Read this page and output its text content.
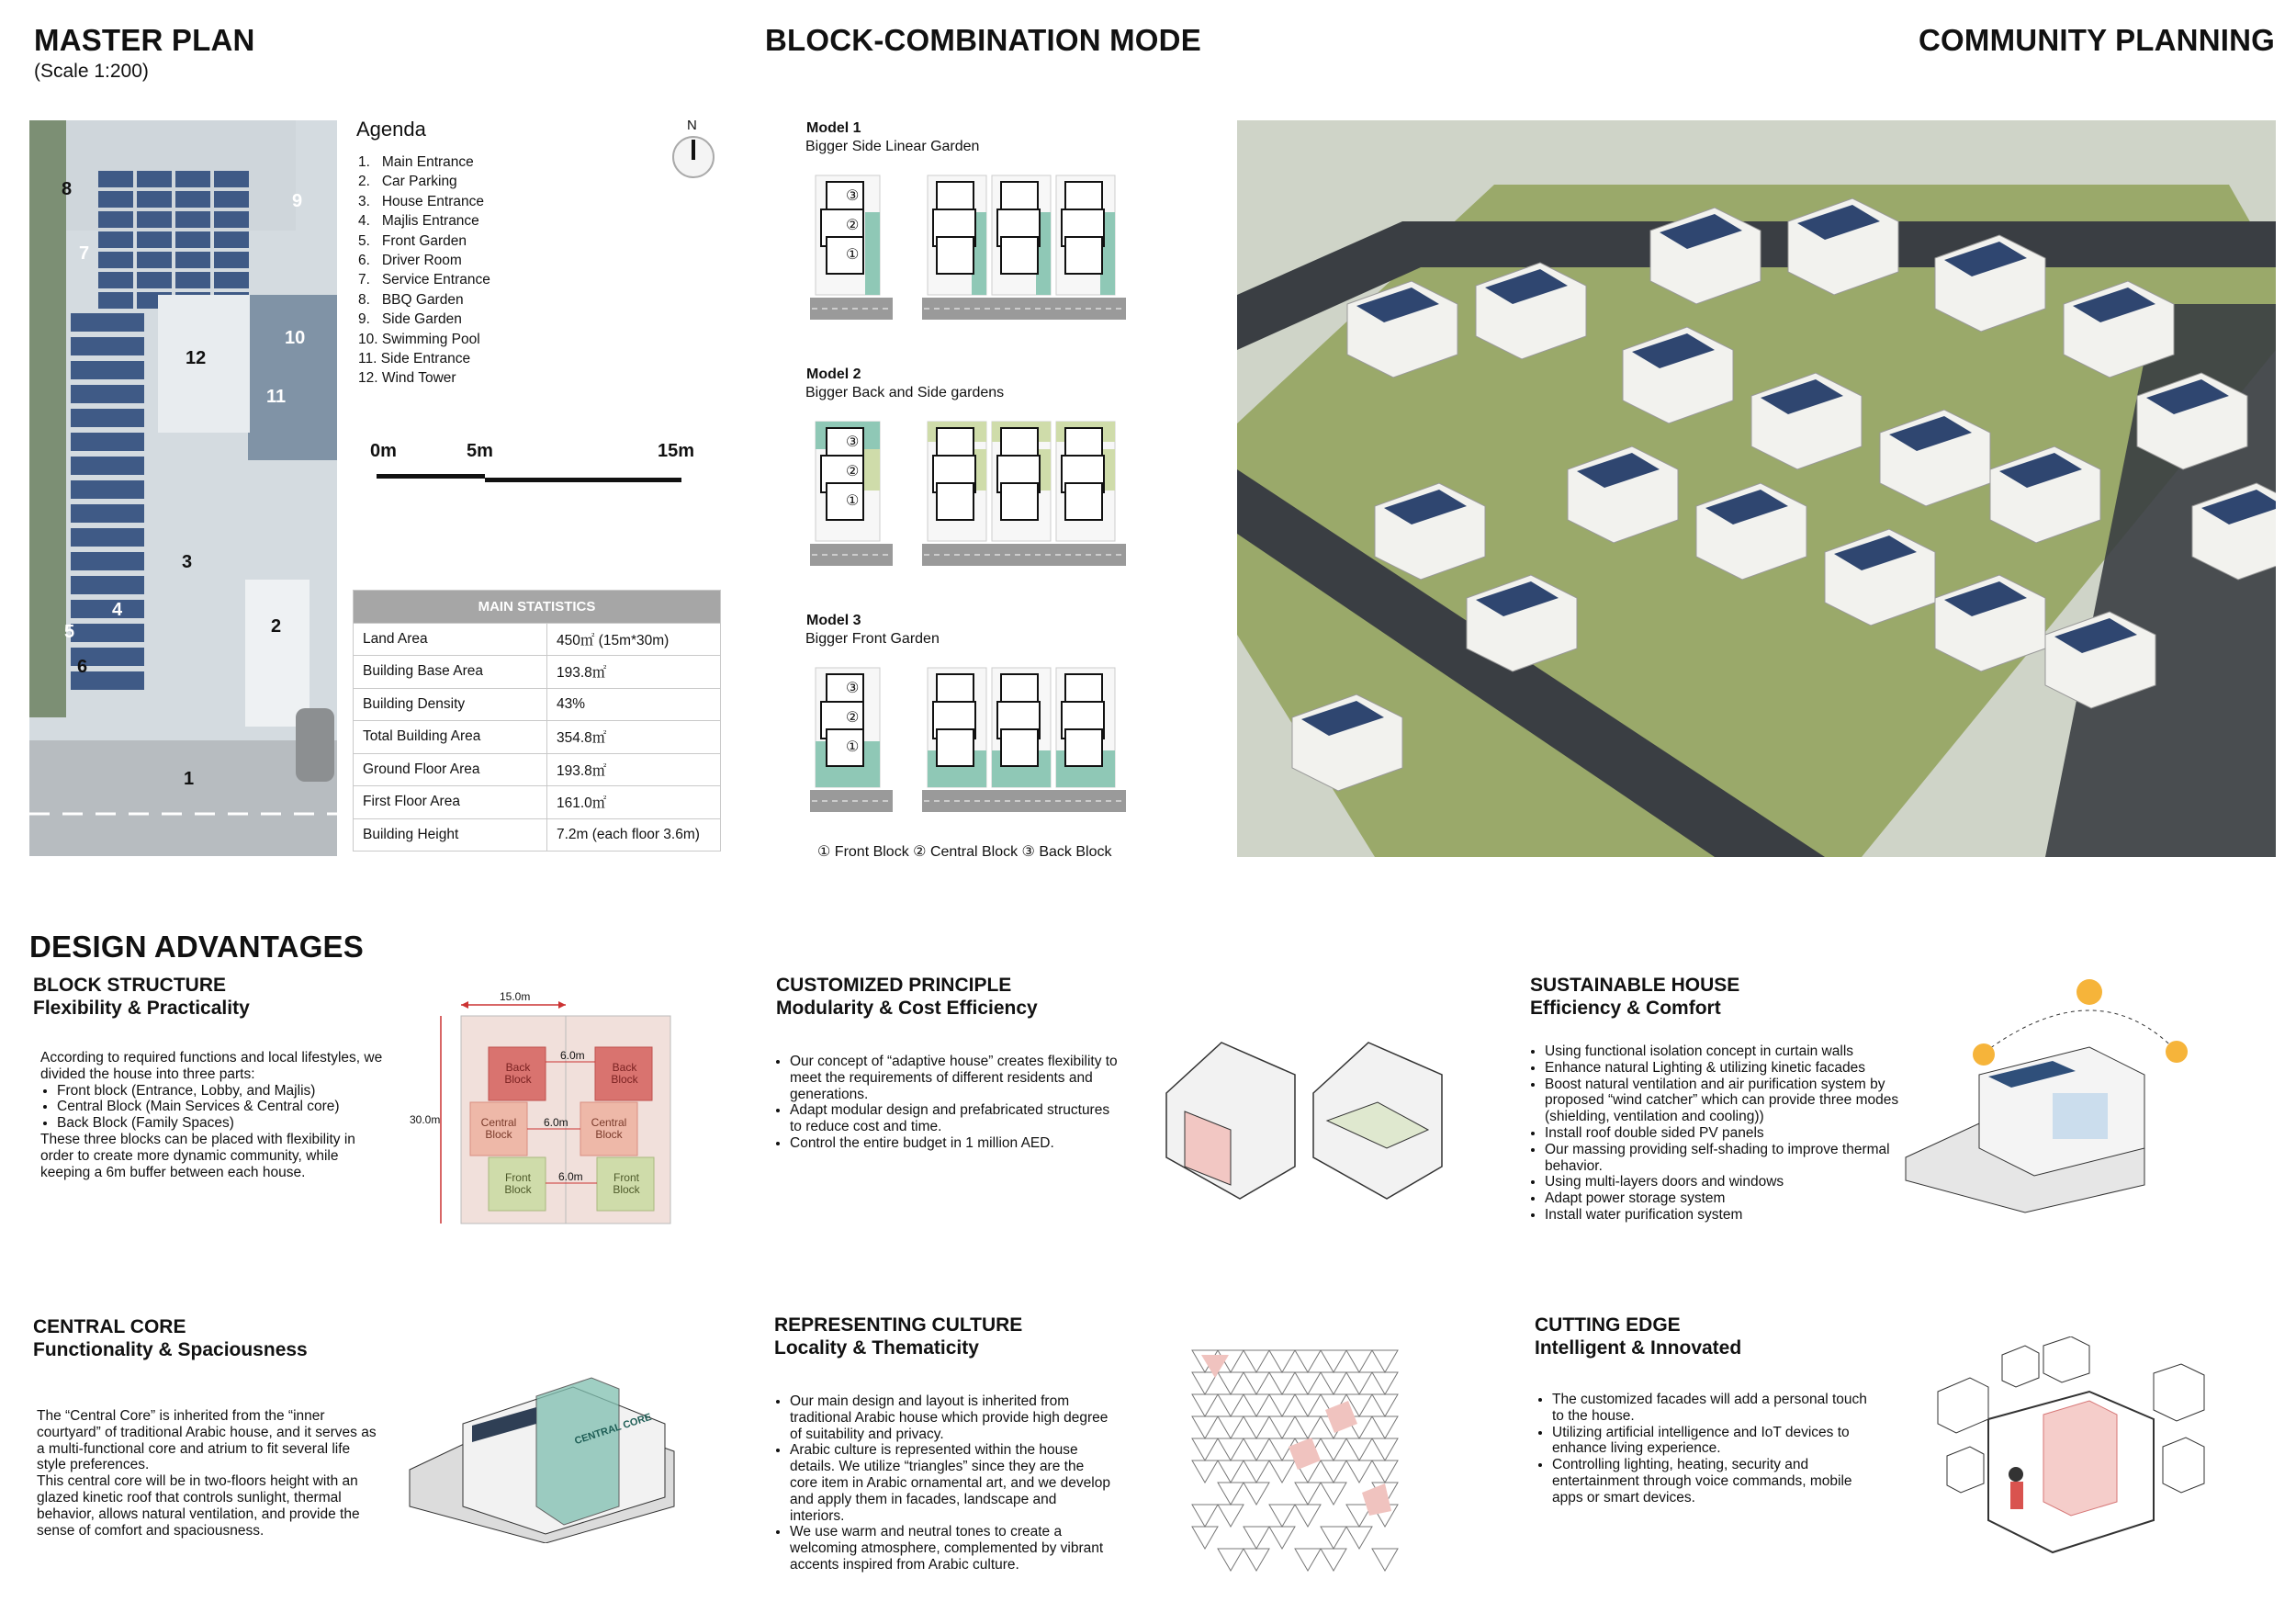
MASTER PLAN
(Scale 1:200)
BLOCK-COMBINATION MODE	COMMUNITY PLANNING
1
2
3
4
5
6
7
8
9
10
11
12
Agenda
1.   Main Entrance
2.   Car Parking
3.   House Entrance
4.   Majlis Entrance
5.   Front Garden
6.   Driver Room
7.   Service Entrance
8.   BBQ Garden
9.   Side Garden
10. Swimming Pool
11. Side Entrance
12. Wind Tower
N
0m	5m	15m
MAIN STATISTICS	
Land Area	450㎡ (15m*30m)
Building Base Area	193.8㎡
Building Density	43%
Total Building Area	354.8㎡
Ground Floor Area	193.8㎡
First Floor Area	161.0㎡
Building Height	7.2m (each floor 3.6m)
Model 1
Bigger Side Linear Garden
③
②
①
Model 2
Bigger Back and Side gardens
③
②
①
Model 3
Bigger Front Garden
③
②
①
① Front Block ② Central Block ③ Back Block
DESIGN ADVANTAGES
BLOCK STRUCTURE
Flexibility & Practicality

According to required functions and local lifestyles, we divided the house into three parts:

• Front block (Entrance, Lobby, and Majlis)
• Central Block (Main Services & Central core)
• Back Block (Family Spaces)

These three blocks can be placed with flexibility in order to create more dynamic community, while keeping a 6m buffer between each house.

15.0m
30.0m
6.0m
6.0m
6.0m
Back Block
Back Block
Central Block
Central Block
Front Block
Front Block
CUSTOMIZED PRINCIPLE
Modularity & Cost Efficiency
• Our concept of “adaptive house” creates flexibility to meet the requirements of different residents and generations.
• Adapt modular design and prefabricated structures to reduce cost and time.
• Control the entire budget in 1 million AED.
SUSTAINABLE HOUSE
Efficiency & Comfort
• Using functional isolation concept in curtain walls
• Enhance natural Lighting & utilizing kinetic facades
• Boost natural ventilation and air purification system by proposed “wind catcher” which can provide three modes (shielding, ventilation and cooling))
• Install roof double sided PV panels
• Our massing providing self-shading to improve thermal behavior.
• Using multi-layers doors and windows
• Adapt power storage system
• Install water purification system
CENTRAL CORE
Functionality & Spaciousness

The “Central Core” is inherited from the “inner courtyard” of traditional Arabic house, and it serves as a multi-functional core and atrium to fit several life style preferences.

This central core will be in two-floors height with an glazed kinetic roof that controls sunlight, thermal behavior, allows natural ventilation, and provide the sense of comfort and spaciousness.

CENTRAL CORE
REPRESENTING CULTURE
Locality & Thematicity
• Our main design and layout is inherited from traditional Arabic house which provide high degree of suitability and privacy.
• Arabic culture is represented within the house details. We utilize “triangles” since they are the core item in Arabic ornamental art, and we develop and apply them in facades, landscape and interiors.
• We use warm and neutral tones to create a welcoming atmosphere, complemented by vibrant accents inspired from Arabic culture.
CUTTING EDGE
Intelligent & Innovated
• The customized facades will add a personal touch to the house.
• Utilizing artificial intelligence and IoT devices to enhance living experience.
• Controlling lighting, heating, security and entertainment through voice commands, mobile apps or smart devices.
